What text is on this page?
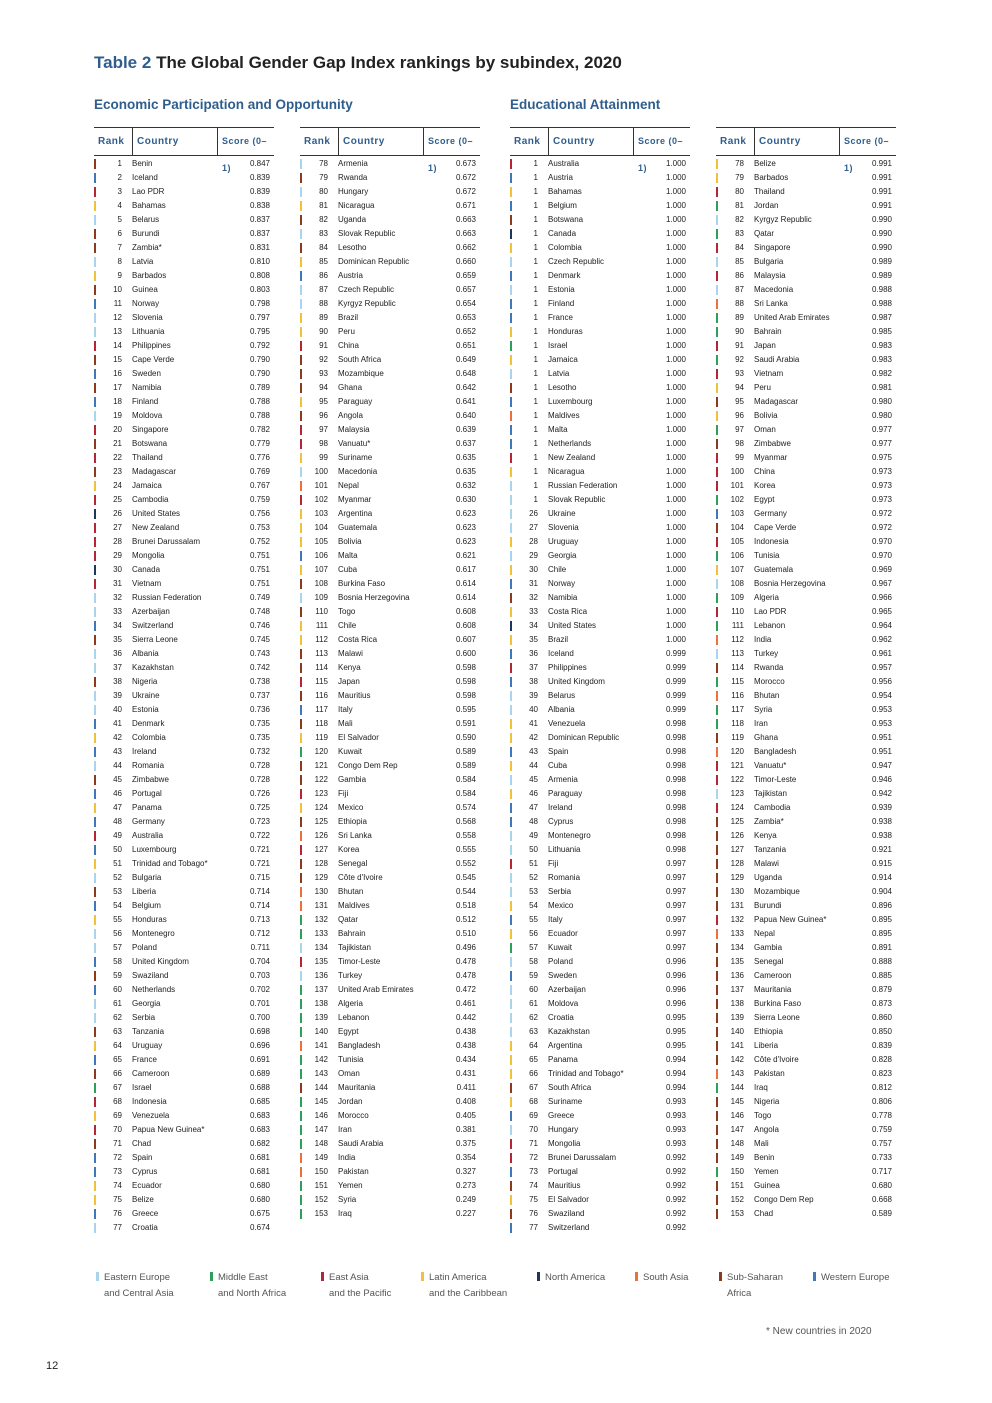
Table 2 The Global Gender Gap Index rankings by subindex, 2020
Economic Participation and Opportunity	Educational Attainment
Rank	Country	Score (0–1)
1 Benin	0.847
2 Iceland	0.839
3 Lao PDR	0.839
4 Bahamas	0.838
5 Belarus	0.837
6 Burundi	0.837
7 Zambia*	0.831
8 Latvia	0.810
9 Barbados	0.808
10 Guinea	0.803
11 Norway	0.798
12 Slovenia	0.797
13 Lithuania	0.795
14 Philippines	0.792
15 Cape Verde	0.790
16 Sweden	0.790
17 Namibia	0.789
18 Finland	0.788
19 Moldova	0.788
20 Singapore	0.782
21 Botswana	0.779
22 Thailand	0.776
23 Madagascar	0.769
24 Jamaica	0.767
25 Cambodia	0.759
26 United States	0.756
27 New Zealand	0.753
28 Brunei Darussalam	0.752
29 Mongolia	0.751
30 Canada	0.751
31 Vietnam	0.751
32 Russian Federation	0.749
33 Azerbaijan	0.748
34 Switzerland	0.746
35 Sierra Leone	0.745
36 Albania	0.743
37 Kazakhstan	0.742
38 Nigeria	0.738
39 Ukraine	0.737
40 Estonia	0.736
41 Denmark	0.735
42 Colombia	0.735
43 Ireland	0.732
44 Romania	0.728
45 Zimbabwe	0.728
46 Portugal	0.726
47 Panama	0.725
48 Germany	0.723
49 Australia	0.722
50 Luxembourg	0.721
51 Trinidad and Tobago*	0.721
52 Bulgaria	0.715
53 Liberia	0.714
54 Belgium	0.714
55 Honduras	0.713
56 Montenegro	0.712
57 Poland	0.711
58 United Kingdom	0.704
59 Swaziland	0.703
60 Netherlands	0.702
61 Georgia	0.701
62 Serbia	0.700
63 Tanzania	0.698
64 Uruguay	0.696
65 France	0.691
66 Cameroon	0.689
67 Israel	0.688
68 Indonesia	0.685
69 Venezuela	0.683
70 Papua New Guinea*	0.683
71 Chad	0.682
72 Spain	0.681
73 Cyprus	0.681
74 Ecuador	0.680
75 Belize	0.680
76 Greece	0.675
77 Croatia	0.674
Rank	Country	Score (0–1)
78 Armenia	0.673
79 Rwanda	0.672
80 Hungary	0.672
81 Nicaragua	0.671
82 Uganda	0.663
83 Slovak Republic	0.663
84 Lesotho	0.662
85 Dominican Republic	0.660
86 Austria	0.659
87 Czech Republic	0.657
88 Kyrgyz Republic	0.654
89 Brazil	0.653
90 Peru	0.652
91 China	0.651
92 South Africa	0.649
93 Mozambique	0.648
94 Ghana	0.642
95 Paraguay	0.641
96 Angola	0.640
97 Malaysia	0.639
98 Vanuatu*	0.637
99 Suriname	0.635
100 Macedonia	0.635
101 Nepal	0.632
102 Myanmar	0.630
103 Argentina	0.623
104 Guatemala	0.623
105 Bolivia	0.623
106 Malta	0.621
107 Cuba	0.617
108 Burkina Faso	0.614
109 Bosnia Herzegovina	0.614
110 Togo	0.608
111 Chile	0.608
112 Costa Rica	0.607
113 Malawi	0.600
114 Kenya	0.598
115 Japan	0.598
116 Mauritius	0.598
117 Italy	0.595
118 Mali	0.591
119 El Salvador	0.590
120 Kuwait	0.589
121 Congo Dem Rep	0.589
122 Gambia	0.584
123 Fiji	0.584
124 Mexico	0.574
125 Ethiopia	0.568
126 Sri Lanka	0.558
127 Korea	0.555
128 Senegal	0.552
129 Côte d'Ivoire	0.545
130 Bhutan	0.544
131 Maldives	0.518
132 Qatar	0.512
133 Bahrain	0.510
134 Tajikistan	0.496
135 Timor-Leste	0.478
136 Turkey	0.478
137 United Arab Emirates	0.472
138 Algeria	0.461
139 Lebanon	0.442
140 Egypt	0.438
141 Bangladesh	0.438
142 Tunisia	0.434
143 Oman	0.431
144 Mauritania	0.411
145 Jordan	0.408
146 Morocco	0.405
147 Iran	0.381
148 Saudi Arabia	0.375
149 India	0.354
150 Pakistan	0.327
151 Yemen	0.273
152 Syria	0.249
153 Iraq	0.227
Rank	Country	Score (0–1)
1 Australia	1.000
1 Austria	1.000
1 Bahamas	1.000
1 Belgium	1.000
1 Botswana	1.000
1 Canada	1.000
1 Colombia	1.000
1 Czech Republic	1.000
1 Denmark	1.000
1 Estonia	1.000
1 Finland	1.000
1 France	1.000
1 Honduras	1.000
1 Israel	1.000
1 Jamaica	1.000
1 Latvia	1.000
1 Lesotho	1.000
1 Luxembourg	1.000
1 Maldives	1.000
1 Malta	1.000
1 Netherlands	1.000
1 New Zealand	1.000
1 Nicaragua	1.000
1 Russian Federation	1.000
1 Slovak Republic	1.000
26 Ukraine	1.000
27 Slovenia	1.000
28 Uruguay	1.000
29 Georgia	1.000
30 Chile	1.000
31 Norway	1.000
32 Namibia	1.000
33 Costa Rica	1.000
34 United States	1.000
35 Brazil	1.000
36 Iceland	0.999
37 Philippines	0.999
38 United Kingdom	0.999
39 Belarus	0.999
40 Albania	0.999
41 Venezuela	0.998
42 Dominican Republic	0.998
43 Spain	0.998
44 Cuba	0.998
45 Armenia	0.998
46 Paraguay	0.998
47 Ireland	0.998
48 Cyprus	0.998
49 Montenegro	0.998
50 Lithuania	0.998
51 Fiji	0.997
52 Romania	0.997
53 Serbia	0.997
54 Mexico	0.997
55 Italy	0.997
56 Ecuador	0.997
57 Kuwait	0.997
58 Poland	0.996
59 Sweden	0.996
60 Azerbaijan	0.996
61 Moldova	0.996
62 Croatia	0.995
63 Kazakhstan	0.995
64 Argentina	0.995
65 Panama	0.994
66 Trinidad and Tobago*	0.994
67 South Africa	0.994
68 Suriname	0.993
69 Greece	0.993
70 Hungary	0.993
71 Mongolia	0.993
72 Brunei Darussalam	0.992
73 Portugal	0.992
74 Mauritius	0.992
75 El Salvador	0.992
76 Swaziland	0.992
77 Switzerland	0.992
Rank	Country	Score (0–1)
78 Belize	0.991
79 Barbados	0.991
80 Thailand	0.991
81 Jordan	0.991
82 Kyrgyz Republic	0.990
83 Qatar	0.990
84 Singapore	0.990
85 Bulgaria	0.989
86 Malaysia	0.989
87 Macedonia	0.988
88 Sri Lanka	0.988
89 United Arab Emirates	0.987
90 Bahrain	0.985
91 Japan	0.983
92 Saudi Arabia	0.983
93 Vietnam	0.982
94 Peru	0.981
95 Madagascar	0.980
96 Bolivia	0.980
97 Oman	0.977
98 Zimbabwe	0.977
99 Myanmar	0.975
100 China	0.973
101 Korea	0.973
102 Egypt	0.973
103 Germany	0.972
104 Cape Verde	0.972
105 Indonesia	0.970
106 Tunisia	0.970
107 Guatemala	0.969
108 Bosnia Herzegovina	0.967
109 Algeria	0.966
110 Lao PDR	0.965
111 Lebanon	0.964
112 India	0.962
113 Turkey	0.961
114 Rwanda	0.957
115 Morocco	0.956
116 Bhutan	0.954
117 Syria	0.953
118 Iran	0.953
119 Ghana	0.951
120 Bangladesh	0.951
121 Vanuatu*	0.947
122 Timor-Leste	0.946
123 Tajikistan	0.942
124 Cambodia	0.939
125 Zambia*	0.938
126 Kenya	0.938
127 Tanzania	0.921
128 Malawi	0.915
129 Uganda	0.914
130 Mozambique	0.904
131 Burundi	0.896
132 Papua New Guinea*	0.895
133 Nepal	0.895
134 Gambia	0.891
135 Senegal	0.888
136 Cameroon	0.885
137 Mauritania	0.879
138 Burkina Faso	0.873
139 Sierra Leone	0.860
140 Ethiopia	0.850
141 Liberia	0.839
142 Côte d'Ivoire	0.828
143 Pakistan	0.823
144 Iraq	0.812
145 Nigeria	0.806
146 Togo	0.778
147 Angola	0.759
148 Mali	0.757
149 Benin	0.733
150 Yemen	0.717
151 Guinea	0.680
152 Congo Dem Rep	0.668
153 Chad	0.589
Eastern Europe
and Central Asia
Middle East
and North Africa
East Asia
and the Pacific
Latin America
and the Caribbean
North America	South Asia	Sub-Saharan
Africa
Western Europe
* New countries in 2020
12
